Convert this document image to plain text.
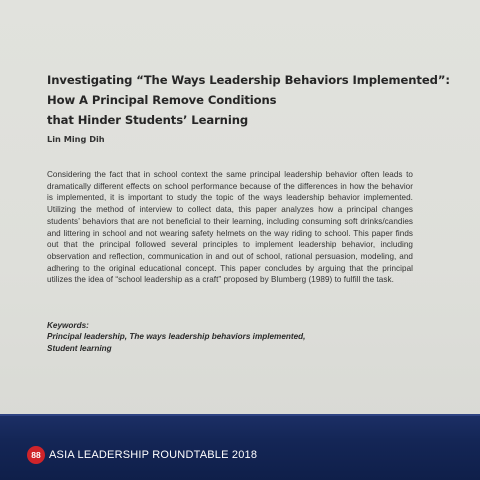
Investigating “The Ways Leadership Behaviors Implemented”:
How A Principal Remove Conditions
that Hinder Students’ Learning
Lin Ming Dih

Considering the fact that in school context the same principal leadership behavior often leads to dramatically different effects on school performance because of the differences in how the behavior is implemented, it is important to study the topic of the ways leadership behavior implemented. Utilizing the method of interview to collect data, this paper analyzes how a principal changes students’ behaviors that are not beneficial to their learning, including consuming soft drinks/candies and littering in school and not wearing safety helmets on the way riding to school. This paper finds out that the principal followed several principles to implement leadership behavior, including observation and reflection, communication in and out of school, rational persuasion, modeling, and adhering to the original educational concept. This paper concludes by arguing that the principal utilizes the idea of “school leadership as a craft” proposed by Blumberg (1989) to fulfill the task.

Keywords:
Principal leadership, The ways leadership behaviors implemented,
Student learning
88 ASIA LEADERSHIP ROUNDTABLE 2018
